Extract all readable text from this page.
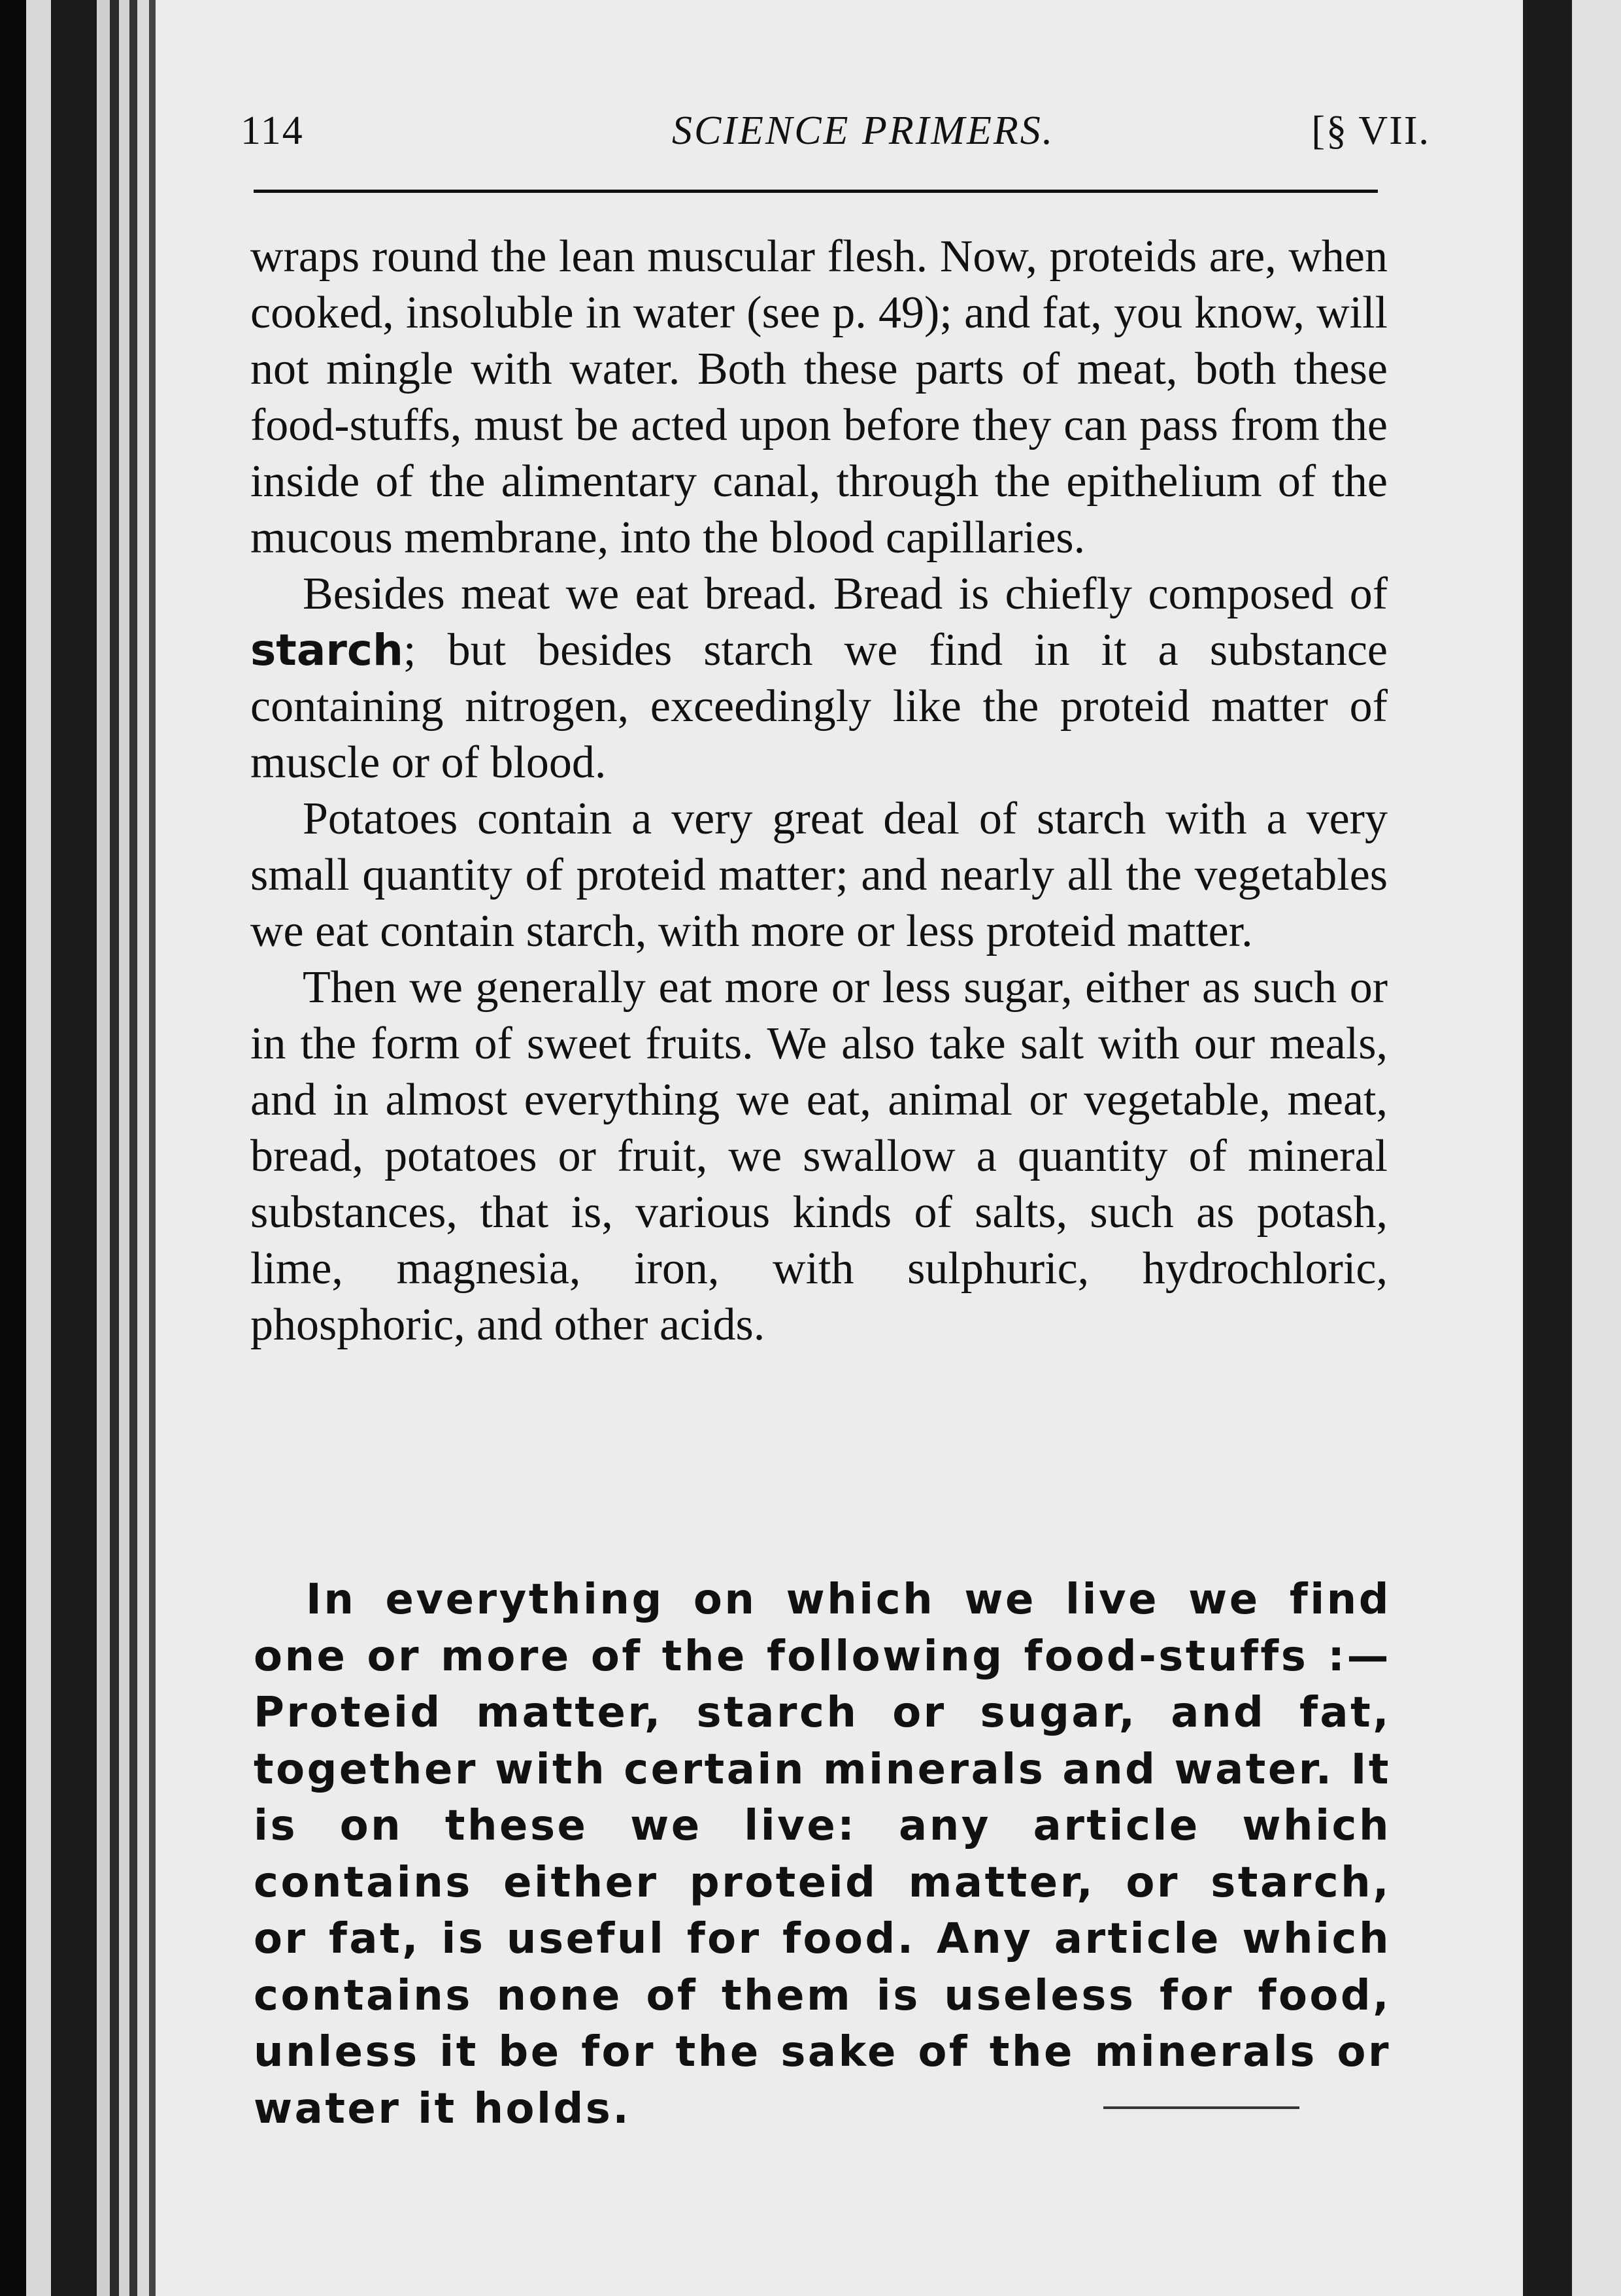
114	SCIENCE PRIMERS.	[§ VII.

wraps round the lean muscular flesh. Now, proteids are, when cooked, insoluble in water (see p. 49); and fat, you know, will not mingle with water. Both these parts of meat, both these food-stuffs, must be acted upon before they can pass from the inside of the alimentary canal, through the epithelium of the mucous membrane, into the blood capillaries.

Besides meat we eat bread. Bread is chiefly composed of starch; but besides starch we find in it a substance containing nitrogen, exceedingly like the proteid matter of muscle or of blood.

Potatoes contain a very great deal of starch with a very small quantity of proteid matter; and nearly all the vegetables we eat contain starch, with more or less proteid matter.

Then we generally eat more or less sugar, either as such or in the form of sweet fruits. We also take salt with our meals, and in almost everything we eat, animal or vegetable, meat, bread, potatoes or fruit, we swallow a quantity of mineral substances, that is, various kinds of salts, such as potash, lime, magnesia, iron, with sulphuric, hydrochloric, phosphoric, and other acids.

In everything on which we live we find one or more of the following food-stuffs :— Proteid matter, starch or sugar, and fat, together with certain minerals and water. It is on these we live: any article which contains either proteid matter, or starch, or fat, is useful for food. Any article which contains none of them is useless for food, unless it be for the sake of the minerals or water it holds.
